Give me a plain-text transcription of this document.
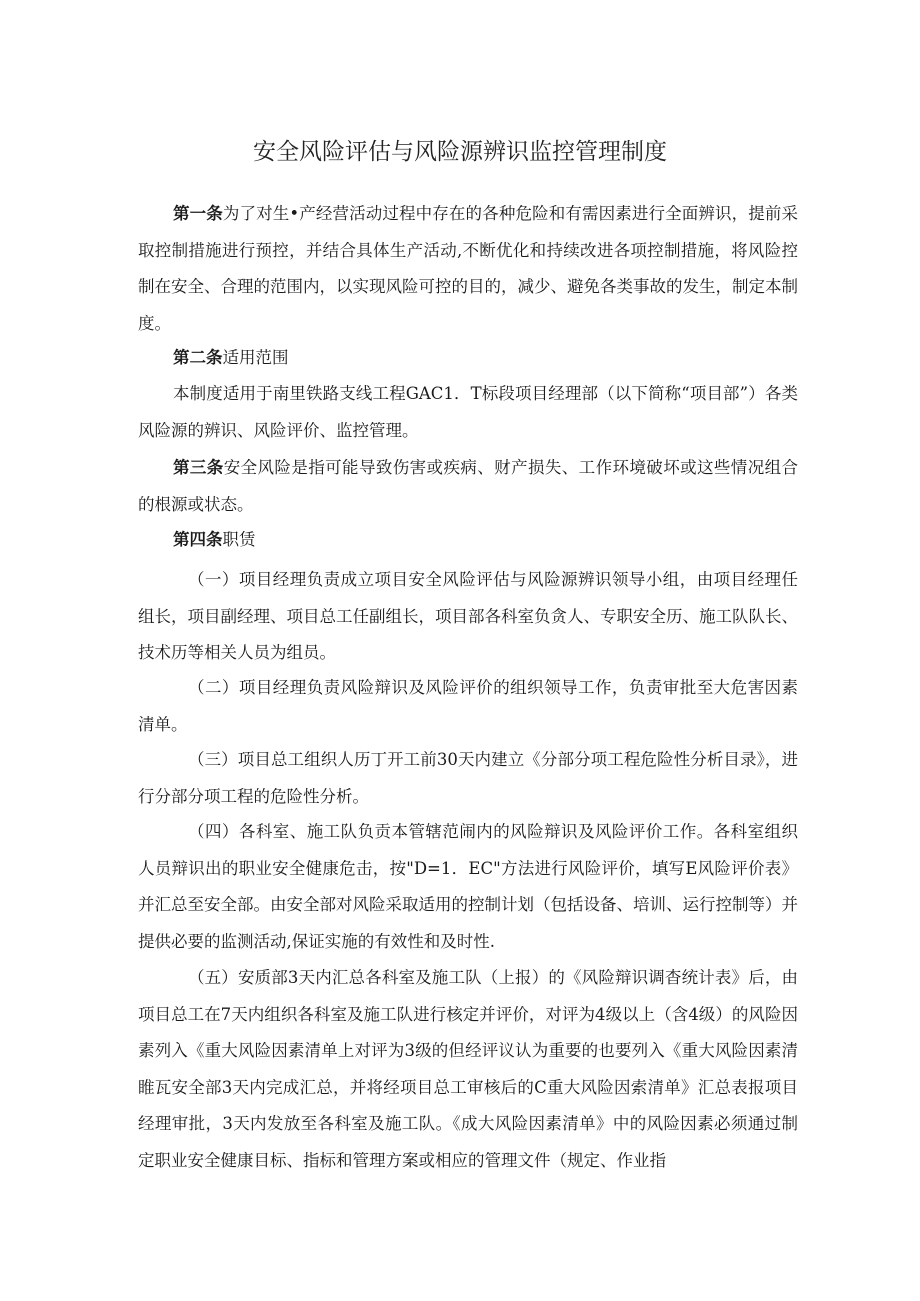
安全风险评估与风险源辨识监控管理制度

第一条为了对生•产经营活动过程中存在的各种危险和有需因素进行全面辨识，提前采取控制措施进行预控，并结合具体生产活动,不断优化和持续改进各项控制措施，将风险控制在安全、合理的范围内，以实现风险可控的目的，减少、避免各类事故的发生，制定本制度。

第二条适用范围

本制度适用于南里铁路支线工程GAC1．T标段项目经理部（以下简称“项目部”）各类风险源的辨识、风险评价、监控管理。

第三条安全风险是指可能导致伤害或疾病、财产损失、工作环境破坏或这些情况组合的根源或状态。

第四条职赁

（一）项目经理负责成立项目安全风险评估与风险源辨识领导小组，由项目经理任组长，项目副经理、项目总工任副组长，项目部各科室负贪人、专职安全历、施工队队长、技术历等相关人员为组员。

（二）项目经理负责风险辩识及风险评价的组织领导工作，负责审批至大危害因素清单。

（三）项目总工组织人历丁开工前30天内建立《分部分项工程危险性分析目录》，进行分部分项工程的危险性分析。

（四）各科室、施工队负贡本管辖范闹内的风险辩识及风险评价工作。各科室组织人员辩识出的职业安全健康危击，按"D=1．EC"方法进行风险评价，填写E风险评价表》并汇总至安全部。由安全部对风险采取适用的控制计划（包括设备、培训、运行控制等）并提供必要的监测活动,保证实施的有效性和及时性.

（五）安质部3天内汇总各科室及施工队（上报）的《风险辩识调杳统计表》后，由项目总工在7天内组织各科室及施工队进行核定并评价，对评为4级以上（含4级）的风险因素列入《重大风险因素清单上对评为3级的但经评议认为重要的也要列入《重大风险因素清睢瓦安全部3天内完成汇总，并将经项目总工审核后的C重大风险因索清单》汇总表报项目经理审批，3天内发放至各科室及施工队。《成大风险因素清单》中的风险因素必须通过制定职业安全健康目标、指标和管理方案或相应的管理文件（规定、作业指
